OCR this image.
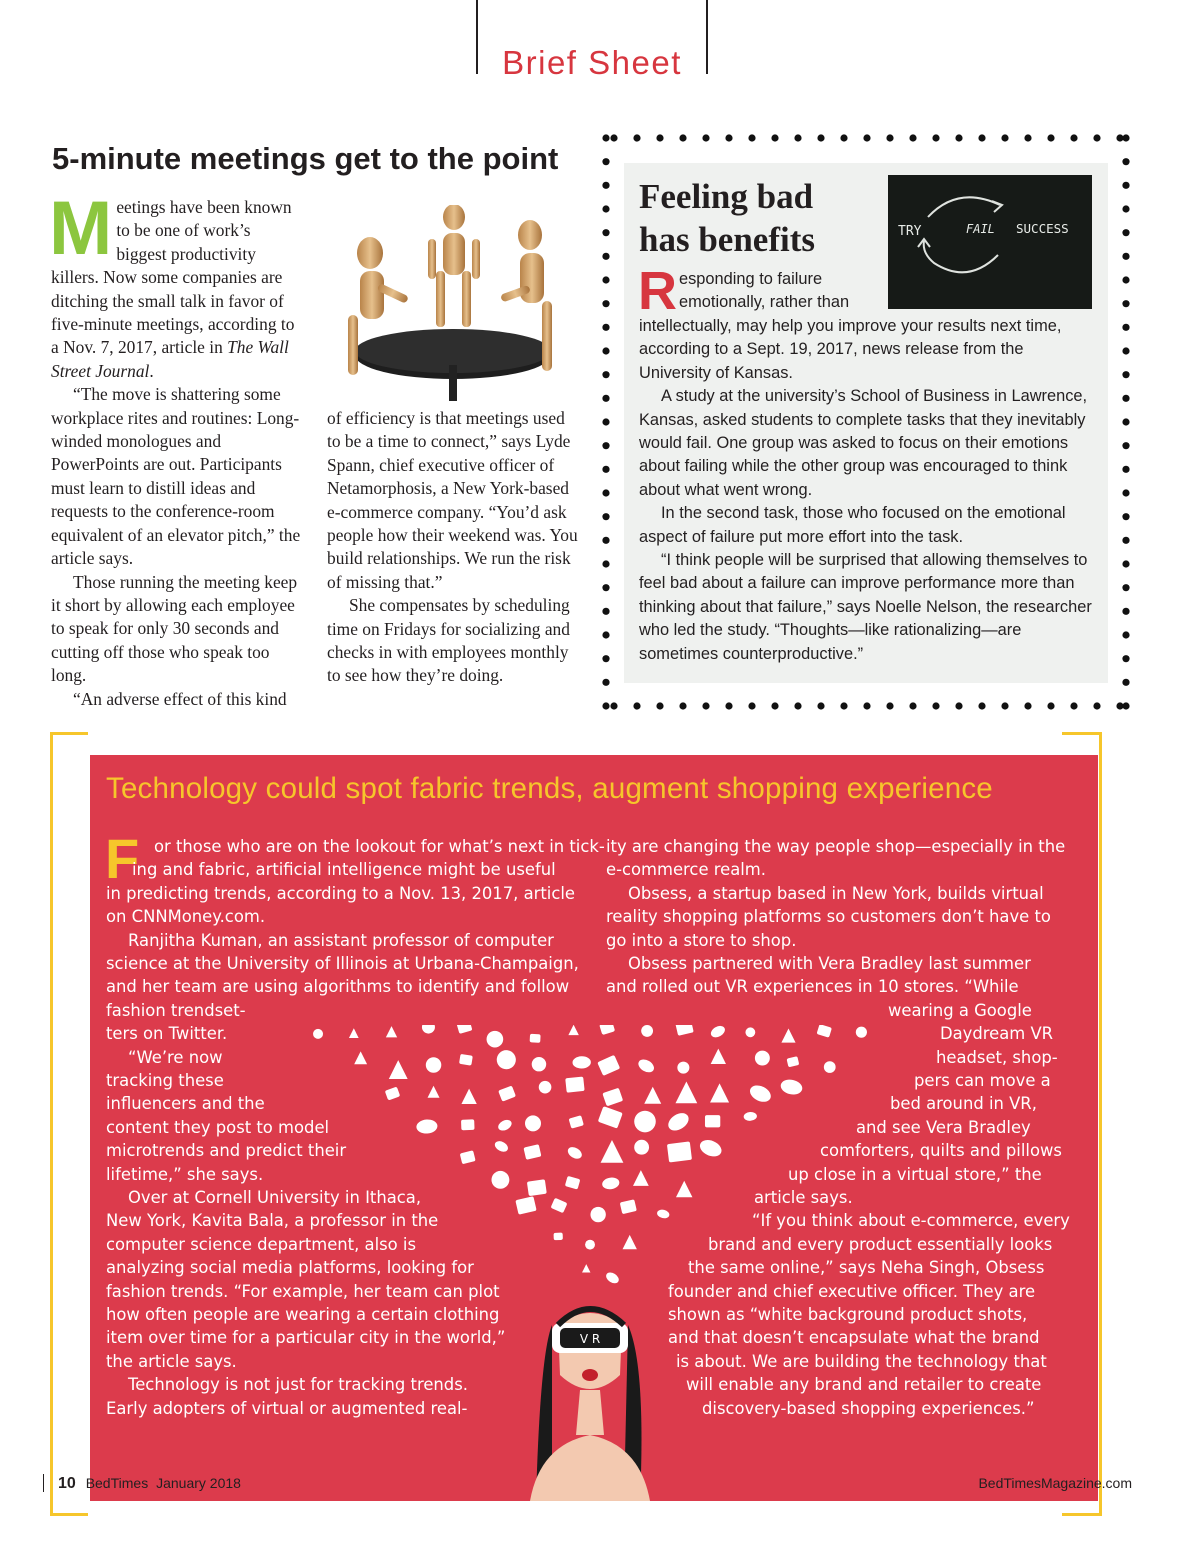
Brief Sheet
5-minute meetings get to the point
M eetings have been known to be one of work’s biggest productivity killers. Now some companies are ditching the small talk in favor of five-minute meetings, according to a Nov. 7, 2017, article in The Wall Street Journal.

“The move is shattering some workplace rites and routines: Long-winded monologues and PowerPoints are out. Participants must learn to distill ideas and requests to the conference-room equivalent of an elevator pitch,” the article says.

Those running the meeting keep it short by allowing each employee to speak for only 30 seconds and cutting off those who speak too long.

“An adverse effect of this kind

of efficiency is that meetings used to be a time to connect,” says Lyde Spann, chief executive officer of Netamorphosis, a New York-based e-commerce company. “You’d ask people how their weekend was. You build relationships. We run the risk of missing that.”

She compensates by scheduling time on Fridays for socializing and checks in with employees monthly to see how they’re doing.

Feeling bad
has benefits	TRY	FAIL SUCCESS
R esponding to failure emotionally, rather than

intellectually, may help you improve your results next time, according to a Sept. 19, 2017, news release from the University of Kansas.

A study at the university’s School of Business in Lawrence, Kansas, asked students to complete tasks that they inevitably would fail. One group was asked to focus on their emotions about failing while the other group was encouraged to think about what went wrong.

In the second task, those who focused on the emotional aspect of failure put more effort into the task.

“I think people will be surprised that allowing themselves to feel bad about a failure can improve performance more than thinking about that failure,” says Noelle Nelson, the researcher who led the study. “Thoughts—like rationalizing—are sometimes counterproductive.”

Technology could spot fabric trends, augment shopping experience
V R
F or those who are on the lookout for what’s next in tick-
ing and fabric, artificial intelligence might be useful
in predicting trends, according to a Nov. 13, 2017, article
on CNNMoney.com.
Ranjitha Kuman, an assistant professor of computer
science at the University of Illinois at Urbana-Champaign,
and her team are using algorithms to identify and follow
fashion trendset-
ters on Twitter.
“We’re now
tracking these
influencers and the
content they post to model
microtrends and predict their
lifetime,” she says.
Over at Cornell University in Ithaca,
New York, Kavita Bala, a professor in the
computer science department, also is
analyzing social media platforms, looking for
fashion trends. “For example, her team can plot
how often people are wearing a certain clothing
item over time for a particular city in the world,”
the article says.
Technology is not just for tracking trends.
Early adopters of virtual or augmented real-
ity are changing the way people shop—especially in the
e-commerce realm.
Obsess, a startup based in New York, builds virtual
reality shopping platforms so customers don’t have to
go into a store to shop.
Obsess partnered with Vera Bradley last summer
and rolled out VR experiences in 10 stores. “While
wearing a Google
Daydream VR
headset, shop-
pers can move a
bed around in VR,
and see Vera Bradley
comforters, quilts and pillows
up close in a virtual store,” the
article says.
“If you think about e-commerce, every
brand and every product essentially looks
the same online,” says Neha Singh, Obsess
founder and chief executive officer. They are
shown as “white background product shots,
and that doesn’t encapsulate what the brand
is about. We are building the technology that
will enable any brand and retailer to create
discovery-based shopping experiences.”
10 BedTimes January 2018	BedTimesMagazine.com
